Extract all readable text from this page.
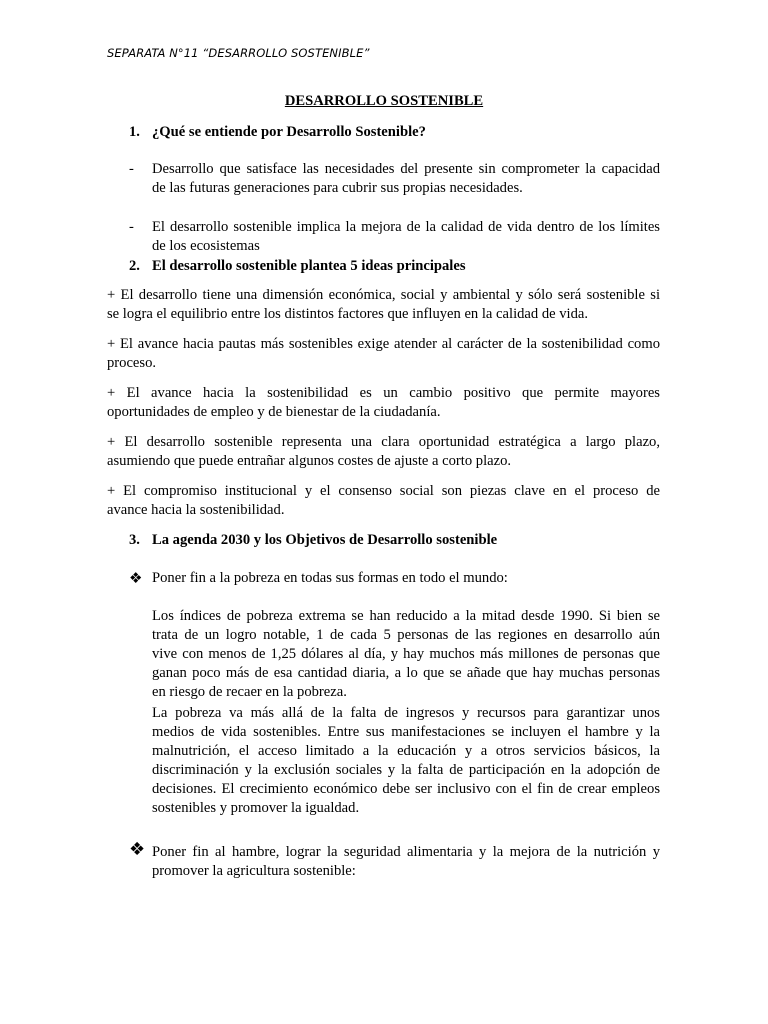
SEPARATA N°11 “DESARROLLO SOSTENIBLE”
DESARROLLO SOSTENIBLE
1. ¿Qué se entiende por Desarrollo Sostenible?
- Desarrollo que satisface las necesidades del presente sin comprometer la capacidad
de las futuras generaciones para cubrir sus propias necesidades.
- El desarrollo sostenible implica la mejora de la calidad de vida dentro de los límites
de los ecosistemas
2. El desarrollo sostenible plantea 5 ideas principales
+ El desarrollo tiene una dimensión económica, social y ambiental y sólo será sostenible si
se logra el equilibrio entre los distintos factores que influyen en la calidad de vida.
+ El avance hacia pautas más sostenibles exige atender al carácter de la sostenibilidad como
proceso.
+ El avance hacia la sostenibilidad es un cambio positivo que permite mayores
oportunidades de empleo y de bienestar de la ciudadanía.
+ El desarrollo sostenible representa una clara oportunidad estratégica a largo plazo,
asumiendo que puede entrañar algunos costes de ajuste a corto plazo.
+ El compromiso institucional y el consenso social son piezas clave en el proceso de
avance hacia la sostenibilidad.
3. La agenda 2030 y los Objetivos de Desarrollo sostenible
❖ Poner fin a la pobreza en todas sus formas en todo el mundo:
Los índices de pobreza extrema se han reducido a la mitad desde 1990. Si bien se
trata de un logro notable, 1 de cada 5 personas de las regiones en desarrollo aún
vive con menos de 1,25 dólares al día, y hay muchos más millones de personas que
ganan poco más de esa cantidad diaria, a lo que se añade que hay muchas personas
en riesgo de recaer en la pobreza.
La pobreza va más allá de la falta de ingresos y recursos para garantizar unos
medios de vida sostenibles. Entre sus manifestaciones se incluyen el hambre y la
malnutrición, el acceso limitado a la educación y a otros servicios básicos, la
discriminación y la exclusión sociales y la falta de participación en la adopción de
decisiones. El crecimiento económico debe ser inclusivo con el fin de crear empleos
sostenibles y promover la igualdad.
❖ Poner fin al hambre, lograr la seguridad alimentaria y la mejora de la nutrición y
promover la agricultura sostenible:
